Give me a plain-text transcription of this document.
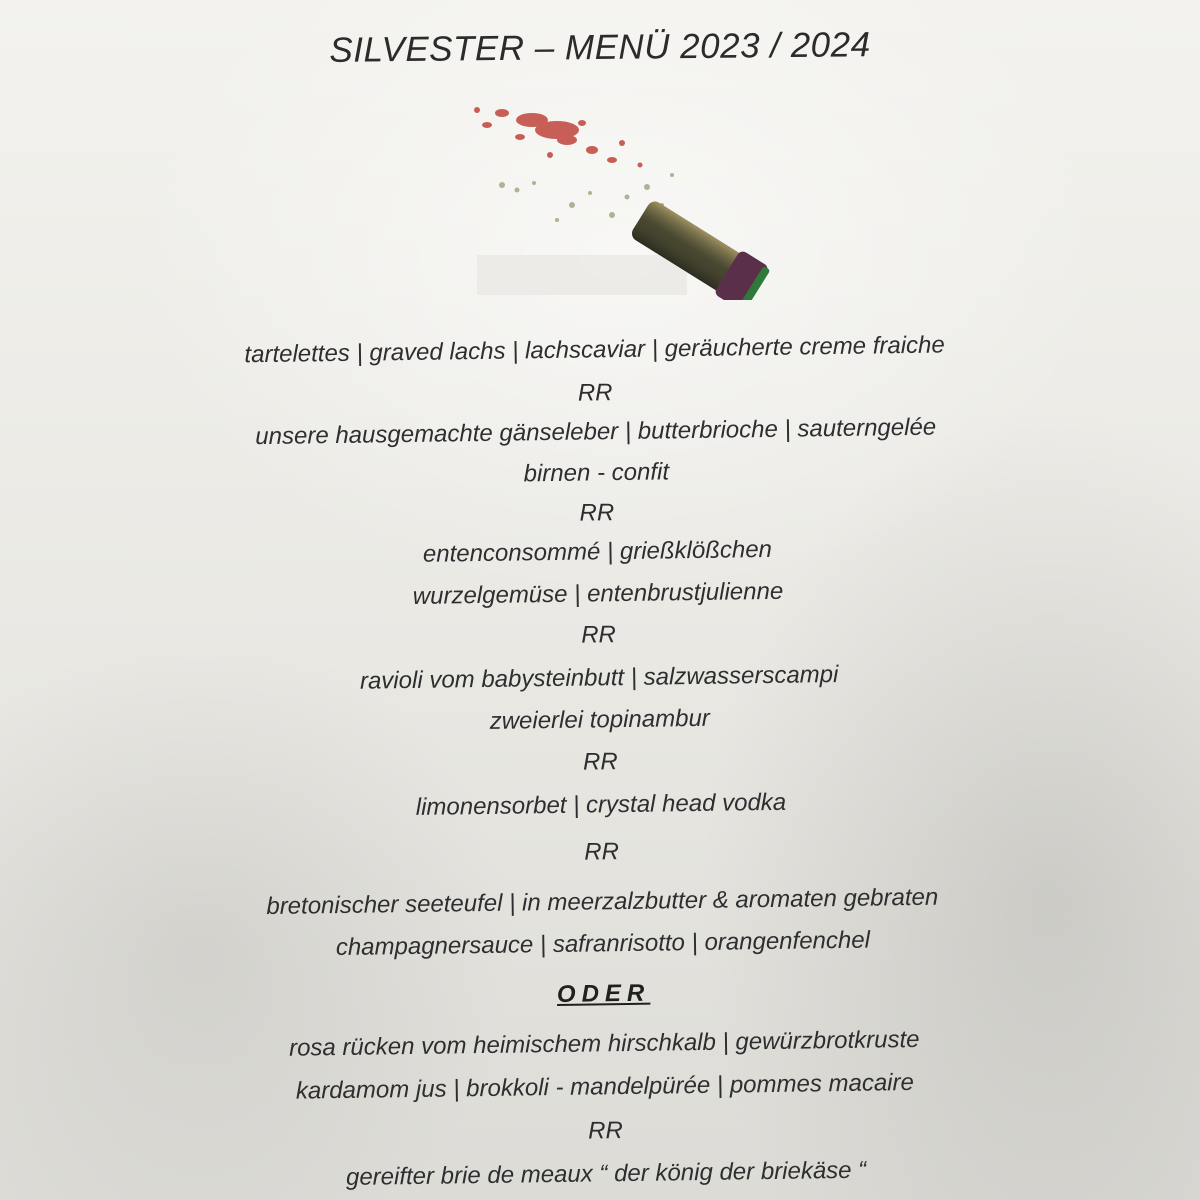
SILVESTER – MENÜ 2023 / 2024
tartelettes | graved lachs | lachscaviar | geräucherte creme fraiche
RR
unsere hausgemachte gänseleber | butterbrioche | sauterngelée
birnen - confit
RR
entenconsommé | grießklößchen
wurzelgemüse | entenbrustjulienne
RR
ravioli vom babysteinbutt | salzwasserscampi
zweierlei topinambur
RR
limonensorbet | crystal head vodka
RR
bretonischer seeteufel | in meerzalzbutter & aromaten gebraten
champagnersauce | safranrisotto | orangenfenchel
ODER
rosa rücken vom heimischem hirschkalb | gewürzbrotkruste
kardamom jus | brokkoli - mandelpürée | pommes macaire
RR
gereifter brie de meaux “ der könig der briekäse “
